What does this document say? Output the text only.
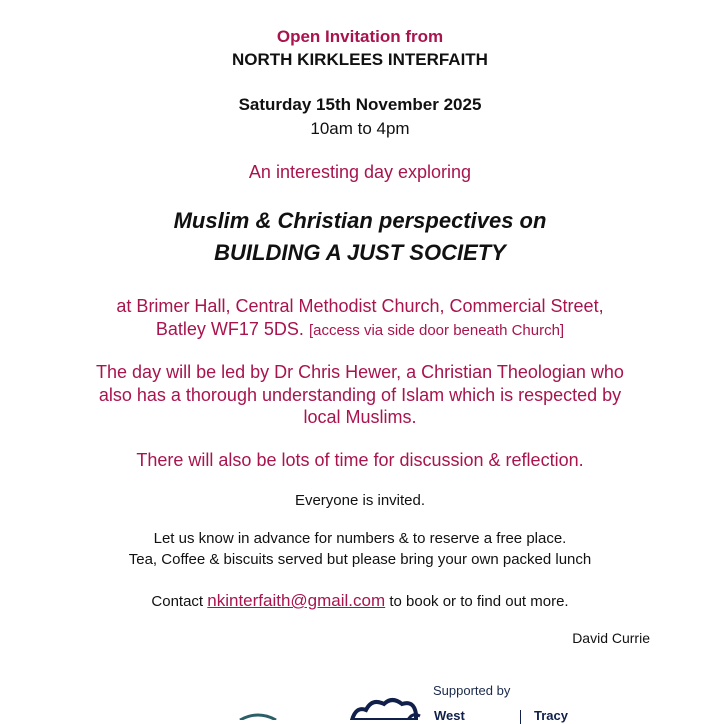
Open Invitation from
NORTH KIRKLEES INTERFAITH
Saturday 15th November 2025
10am to 4pm
An interesting day exploring
Muslim & Christian perspectives on
BUILDING A JUST SOCIETY
at Brimer Hall, Central Methodist Church, Commercial Street,
Batley WF17 5DS. [access via side door beneath Church]
The day will be led by Dr Chris Hewer, a Christian Theologian who
also has a thorough understanding of Islam which is respected by
local Muslims.
There will also be lots of time for discussion & reflection.
Everyone is invited.
Let us know in advance for numbers & to reserve a free place.
Tea, Coffee & biscuits served but please bring your own packed lunch
Contact nkinterfaith@gmail.com to book or to find out more.
David Currie
Supported by
West	Tracy
